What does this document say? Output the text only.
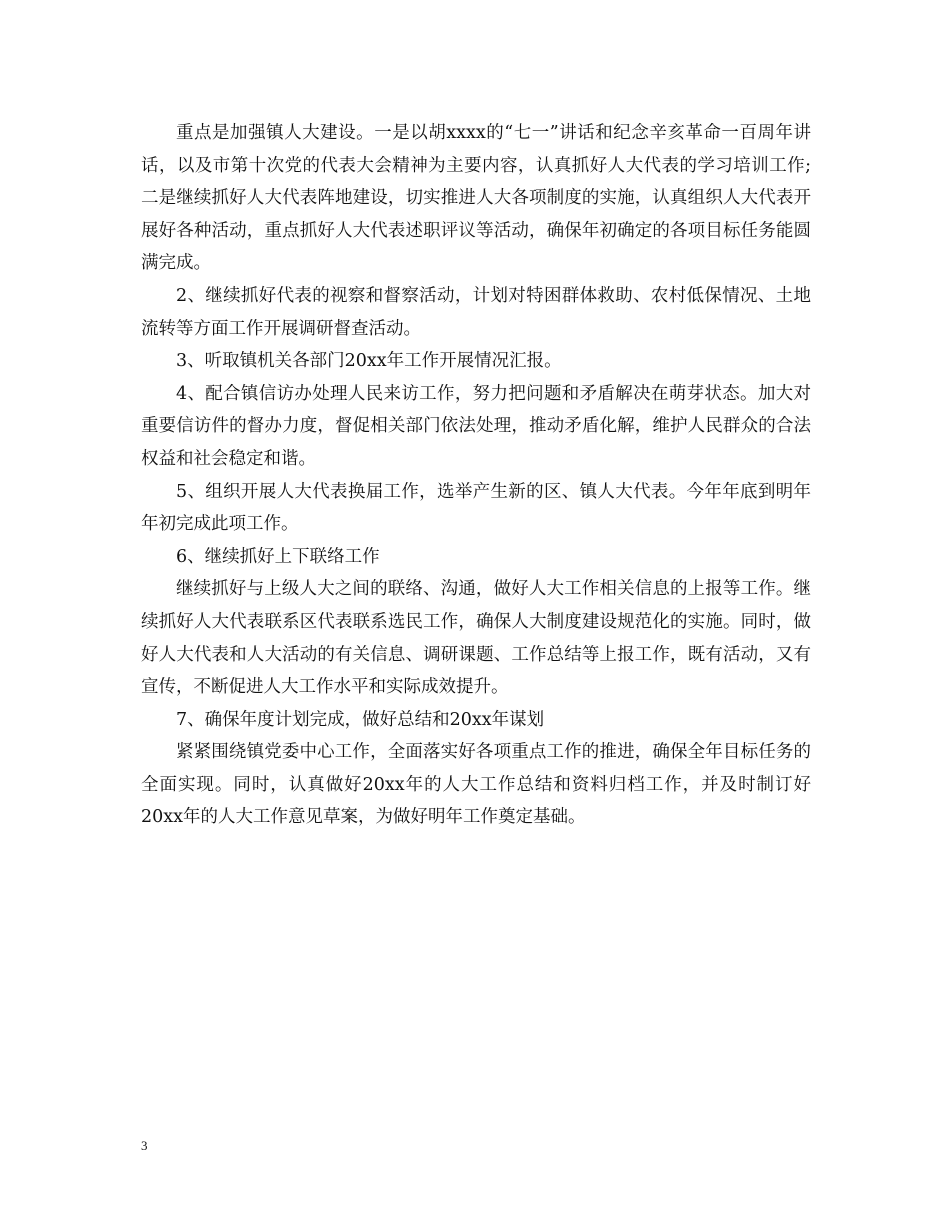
重点是加强镇人大建设。一是以胡xxxx的“七一”讲话和纪念辛亥革命一百周年讲话，以及市第十次党的代表大会精神为主要内容，认真抓好人大代表的学习培训工作;二是继续抓好人大代表阵地建设，切实推进人大各项制度的实施，认真组织人大代表开展好各种活动，重点抓好人大代表述职评议等活动，确保年初确定的各项目标任务能圆满完成。

2、继续抓好代表的视察和督察活动，计划对特困群体救助、农村低保情况、土地流转等方面工作开展调研督查活动。

3、听取镇机关各部门20xx年工作开展情况汇报。

4、配合镇信访办处理人民来访工作，努力把问题和矛盾解决在萌芽状态。加大对重要信访件的督办力度，督促相关部门依法处理，推动矛盾化解，维护人民群众的合法权益和社会稳定和谐。

5、组织开展人大代表换届工作，选举产生新的区、镇人大代表。今年年底到明年年初完成此项工作。

6、继续抓好上下联络工作

继续抓好与上级人大之间的联络、沟通，做好人大工作相关信息的上报等工作。继续抓好人大代表联系区代表联系选民工作，确保人大制度建设规范化的实施。同时，做好人大代表和人大活动的有关信息、调研课题、工作总结等上报工作，既有活动，又有宣传，不断促进人大工作水平和实际成效提升。

7、确保年度计划完成，做好总结和20xx年谋划

紧紧围绕镇党委中心工作，全面落实好各项重点工作的推进，确保全年目标任务的全面实现。同时，认真做好20xx年的人大工作总结和资料归档工作，并及时制订好20xx年的人大工作意见草案，为做好明年工作奠定基础。

3
